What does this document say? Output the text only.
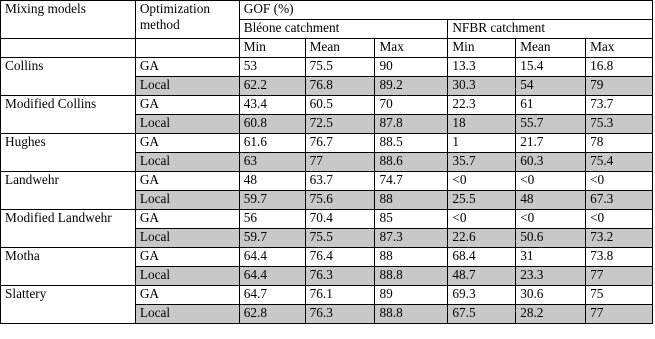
Mixing models	Optimization method	GOF (%)					
		Bléone catchment			NFBR catchment		
		Min	Mean	Max	Min	Mean	Max
Collins	GA	53	75.5	90	13.3	15.4	16.8
	Local	62.2	76.8	89.2	30.3	54	79
Modified Collins	GA	43.4	60.5	70	22.3	61	73.7
	Local	60.8	72.5	87.8	18	55.7	75.3
Hughes	GA	61.6	76.7	88.5	1	21.7	78
	Local	63	77	88.6	35.7	60.3	75.4
Landwehr	GA	48	63.7	74.7	<0	<0	<0
	Local	59.7	75.6	88	25.5	48	67.3
Modified Landwehr	GA	56	70.4	85	<0	<0	<0
	Local	59.7	75.5	87.3	22.6	50.6	73.2
Motha	GA	64.4	76.4	88	68.4	31	73.8
	Local	64.4	76.3	88.8	48.7	23.3	77
Slattery	GA	64.7	76.1	89	69.3	30.6	75
	Local	62.8	76.3	88.8	67.5	28.2	77
